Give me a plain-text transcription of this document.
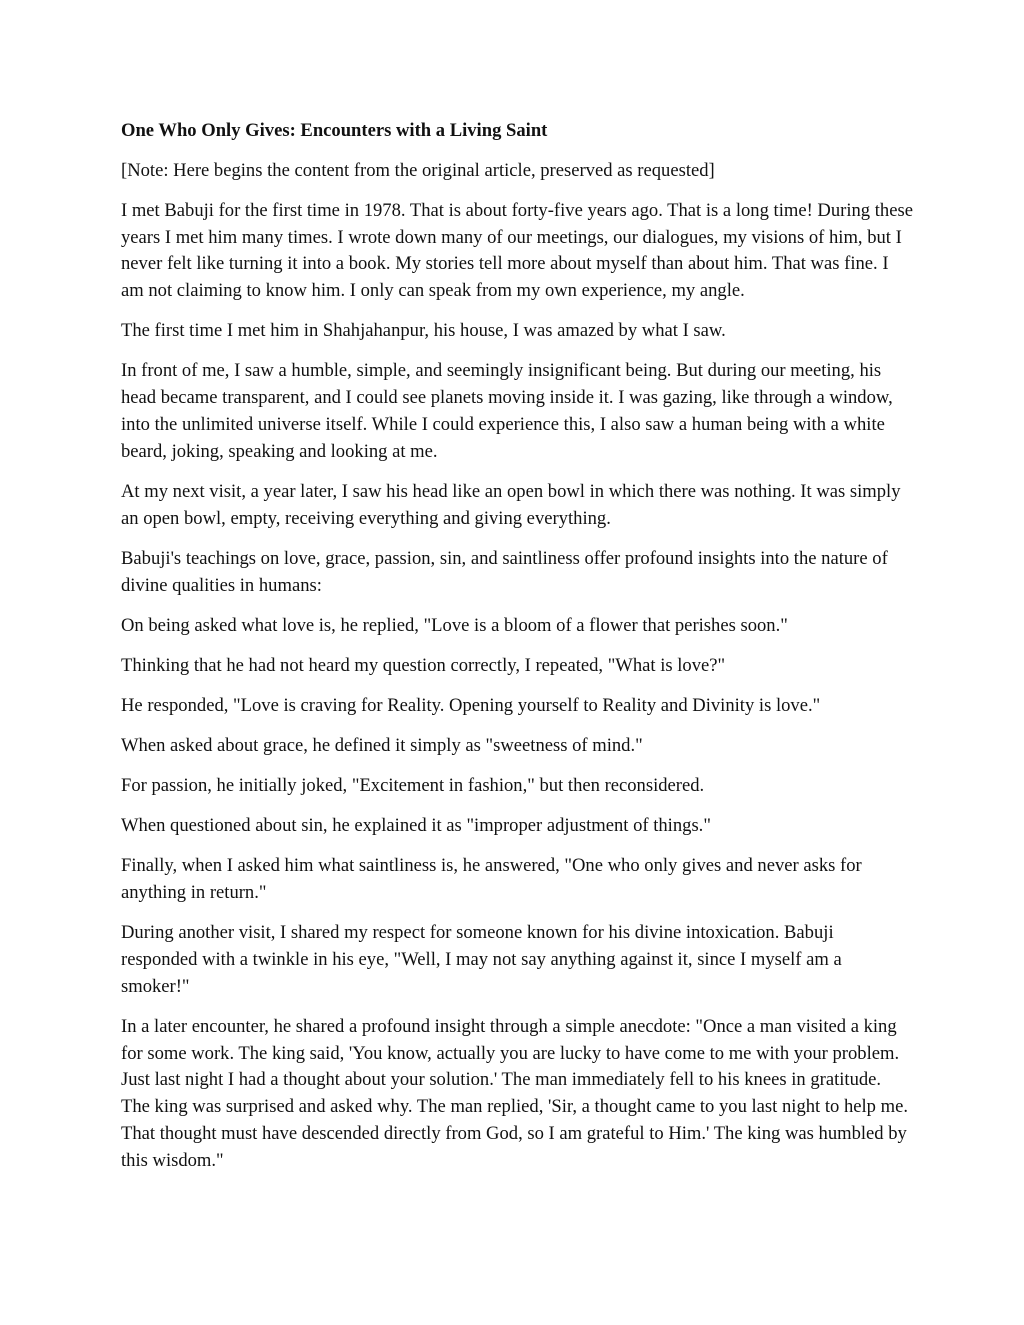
One Who Only Gives: Encounters with a Living Saint

[Note: Here begins the content from the original article, preserved as requested]

I met Babuji for the first time in 1978. That is about forty-five years ago. That is a long time! During these years I met him many times. I wrote down many of our meetings, our dialogues, my visions of him, but I never felt like turning it into a book. My stories tell more about myself than about him. That was fine. I am not claiming to know him. I only can speak from my own experience, my angle.

The first time I met him in Shahjahanpur, his house, I was amazed by what I saw.

In front of me, I saw a humble, simple, and seemingly insignificant being. But during our meeting, his head became transparent, and I could see planets moving inside it. I was gazing, like through a window, into the unlimited universe itself. While I could experience this, I also saw a human being with a white beard, joking, speaking and looking at me.

At my next visit, a year later, I saw his head like an open bowl in which there was nothing. It was simply an open bowl, empty, receiving everything and giving everything.

Babuji's teachings on love, grace, passion, sin, and saintliness offer profound insights into the nature of divine qualities in humans:

On being asked what love is, he replied, "Love is a bloom of a flower that perishes soon."

Thinking that he had not heard my question correctly, I repeated, "What is love?"

He responded, "Love is craving for Reality. Opening yourself to Reality and Divinity is love."

When asked about grace, he defined it simply as "sweetness of mind."

For passion, he initially joked, "Excitement in fashion," but then reconsidered.

When questioned about sin, he explained it as "improper adjustment of things."

Finally, when I asked him what saintliness is, he answered, "One who only gives and never asks for anything in return."

During another visit, I shared my respect for someone known for his divine intoxication. Babuji responded with a twinkle in his eye, "Well, I may not say anything against it, since I myself am a smoker!"

In a later encounter, he shared a profound insight through a simple anecdote: "Once a man visited a king for some work. The king said, 'You know, actually you are lucky to have come to me with your problem. Just last night I had a thought about your solution.' The man immediately fell to his knees in gratitude. The king was surprised and asked why. The man replied, 'Sir, a thought came to you last night to help me. That thought must have descended directly from God, so I am grateful to Him.' The king was humbled by this wisdom."
